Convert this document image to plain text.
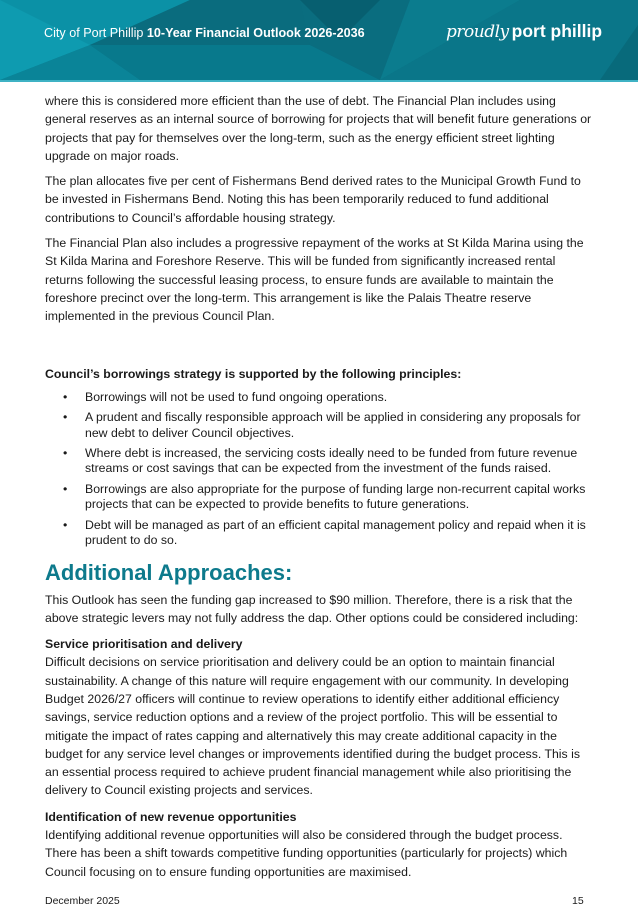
City of Port Phillip 10-Year Financial Outlook 2026-2036	proudly port phillip

where this is considered more efficient than the use of debt. The Financial Plan includes using general reserves as an internal source of borrowing for projects that will benefit future generations or projects that pay for themselves over the long-term, such as the energy efficient street lighting upgrade on major roads.

The plan allocates five per cent of Fishermans Bend derived rates to the Municipal Growth Fund to be invested in Fishermans Bend. Noting this has been temporarily reduced to fund additional contributions to Council’s affordable housing strategy.

The Financial Plan also includes a progressive repayment of the works at St Kilda Marina using the St Kilda Marina and Foreshore Reserve. This will be funded from significantly increased rental returns following the successful leasing process, to ensure funds are available to maintain the foreshore precinct over the long-term. This arrangement is like the Palais Theatre reserve implemented in the previous Council Plan.

Council’s borrowings strategy is supported by the following principles:

• Borrowings will not be used to fund ongoing operations.
• A prudent and fiscally responsible approach will be applied in considering any proposals for new debt to deliver Council objectives.
• Where debt is increased, the servicing costs ideally need to be funded from future revenue streams or cost savings that can be expected from the investment of the funds raised.
• Borrowings are also appropriate for the purpose of funding large non-recurrent capital works projects that can be expected to provide benefits to future generations.
• Debt will be managed as part of an efficient capital management policy and repaid when it is prudent to do so.
Additional Approaches:

This Outlook has seen the funding gap increased to $90 million. Therefore, there is a risk that the above strategic levers may not fully address the dap. Other options could be considered including:

Service prioritisation and delivery

Difficult decisions on service prioritisation and delivery could be an option to maintain financial sustainability. A change of this nature will require engagement with our community. In developing Budget 2026/27 officers will continue to review operations to identify either additional efficiency savings, service reduction options and a review of the project portfolio. This will be essential to mitigate the impact of rates capping and alternatively this may create additional capacity in the budget for any service level changes or improvements identified during the budget process. This is an essential process required to achieve prudent financial management while also prioritising the delivery to Council existing projects and services.

Identification of new revenue opportunities

Identifying additional revenue opportunities will also be considered through the budget process. There has been a shift towards competitive funding opportunities (particularly for projects) which Council focusing on to ensure funding opportunities are maximised.

December 2025	15
